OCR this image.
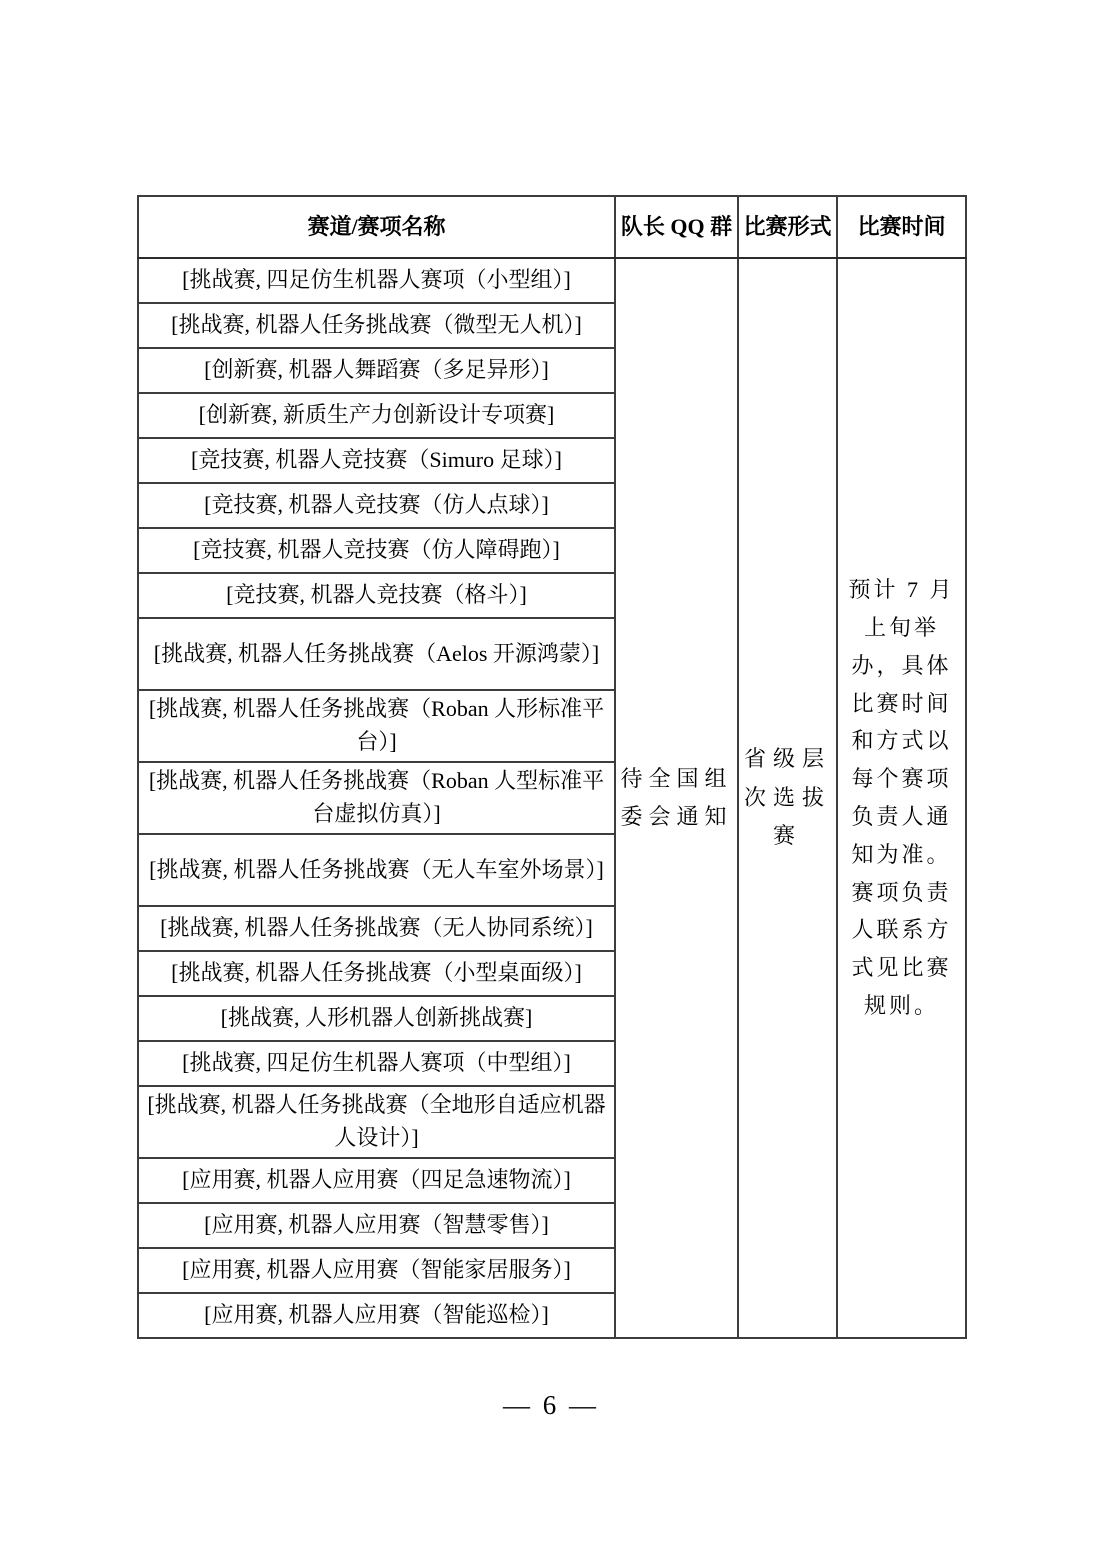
赛道/赛项名称	队长 QQ 群	比赛形式	比赛时间
[挑战赛, 四足仿生机器人赛项（小型组）]	待全国组委会通知	省级层次选拔赛	预计 7 月上旬举办，具体比赛时间和方式以每个赛项负责人通知为准。赛项负责人联系方式见比赛规则。
[挑战赛, 机器人任务挑战赛（微型无人机）]			
[创新赛, 机器人舞蹈赛（多足异形）]			
[创新赛, 新质生产力创新设计专项赛]			
[竞技赛, 机器人竞技赛（Simuro 足球）]			
[竞技赛, 机器人竞技赛（仿人点球）]			
[竞技赛, 机器人竞技赛（仿人障碍跑）]			
[竞技赛, 机器人竞技赛（格斗）]			
[挑战赛, 机器人任务挑战赛（Aelos 开源鸿蒙）]			
[挑战赛, 机器人任务挑战赛（Roban 人形标准平台）]			
[挑战赛, 机器人任务挑战赛（Roban 人型标准平台虚拟仿真）]			
[挑战赛, 机器人任务挑战赛（无人车室外场景）]			
[挑战赛, 机器人任务挑战赛（无人协同系统）]			
[挑战赛, 机器人任务挑战赛（小型桌面级）]			
[挑战赛, 人形机器人创新挑战赛]			
[挑战赛, 四足仿生机器人赛项（中型组）]			
[挑战赛, 机器人任务挑战赛（全地形自适应机器人设计）]			
[应用赛, 机器人应用赛（四足急速物流）]			
[应用赛, 机器人应用赛（智慧零售）]			
[应用赛, 机器人应用赛（智能家居服务）]			
[应用赛, 机器人应用赛（智能巡检）]			
— 6 —
